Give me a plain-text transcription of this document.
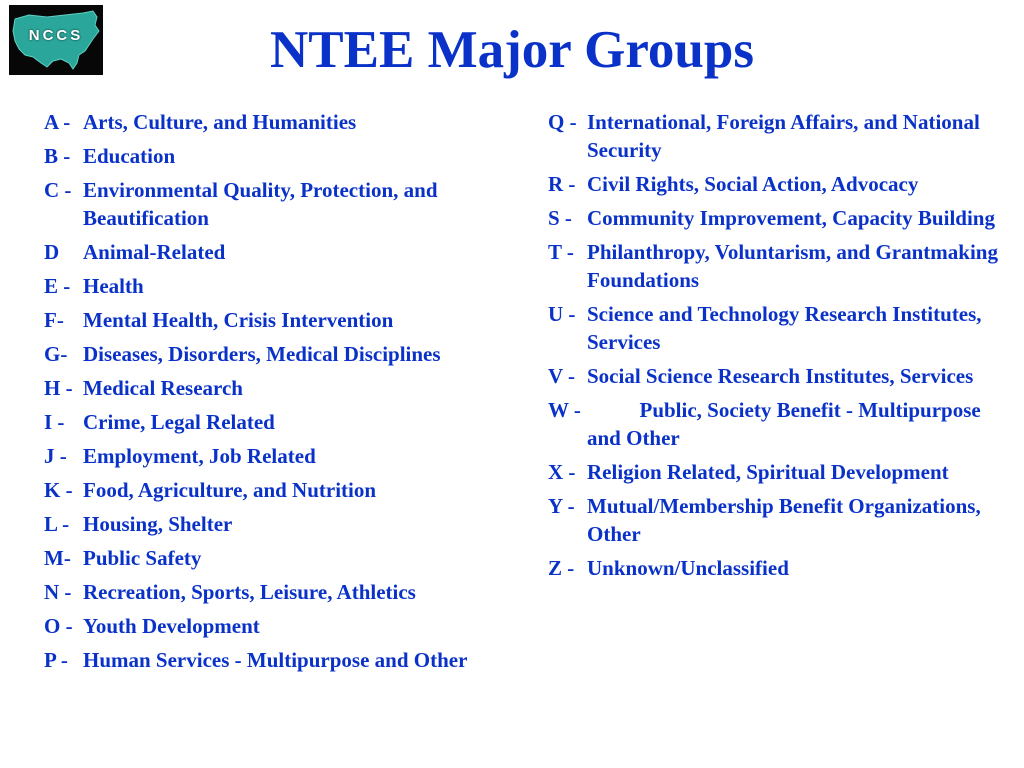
NCCS	NTEE Major Groups
A - Arts, Culture, and Humanities
B - Education
C - Environmental Quality, Protection, and Beautification
D	Animal-Related
E - Health
F- Mental Health, Crisis Intervention
G- Diseases, Disorders, Medical Disciplines
H - Medical Research
I - Crime, Legal Related
J - Employment, Job Related
K - Food, Agriculture, and Nutrition
L - Housing, Shelter
M- Public Safety
N - Recreation, Sports, Leisure, Athletics
O - Youth Development
P - Human Services - Multipurpose and Other
Q - International, Foreign Affairs, and National Security
R - Civil Rights, Social Action, Advocacy
S - Community Improvement, Capacity Building
T - Philanthropy, Voluntarism, and Grantmaking Foundations
U - Science and Technology Research Institutes, Services
V - Social Science Research Institutes, Services
W - Public, Society Benefit - Multipurpose and Other
X - Religion Related, Spiritual Development
Y - Mutual/Membership Benefit Organizations, Other
Z - Unknown/Unclassified
